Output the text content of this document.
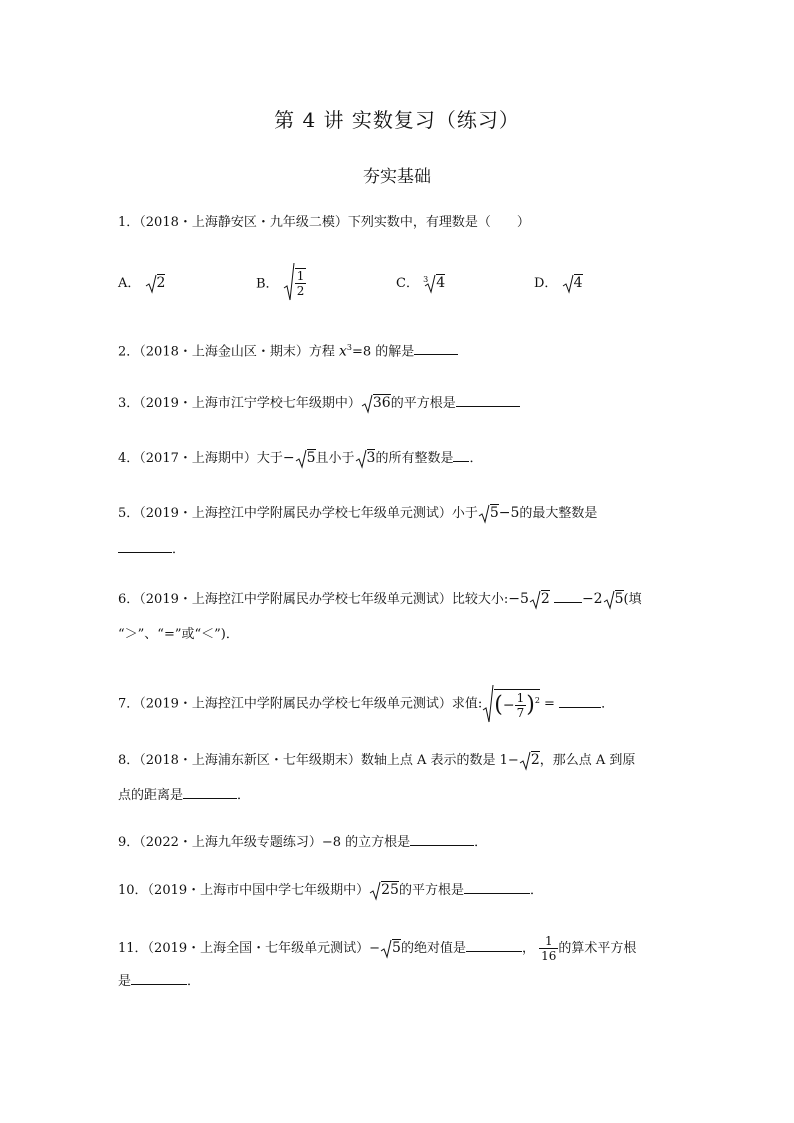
第 4 讲 实数复习（练习）
夯实基础
1．（2018・上海静安区・九年级二模）下列实数中，有理数是（　　）
A． 2	B． $\frac{1}{2}$	C． $^3$ 4	D． 4
2．（2018・上海金山区・期末）方程 $x^3=8$ 的解是
3．（2019・上海市江宁学校七年级期中） 36的平方根是
4．（2017・上海期中）大于− 5且小于 3的所有整数是 ．
5．（2019・上海控江中学附属民办学校七年级单元测试）小于 5−5的最大整数是
．
6．（2019・上海控江中学附属民办学校七年级单元测试）比较大小:−5 2 −2 5(填
“＞”、“=”或“＜”)．
7．（2019・上海控江中学附属民办学校七年级单元测试）求值: (− $\frac{1}{7} )^2$ =	．
8．（2018・上海浦东新区・七年级期末）数轴上点 A 表示的数是 1− 2，那么点 A 到原
点的距离是	．
9．（2022・上海九年级专题练习）−8 的立方根是	．
10．（2019・上海市中国中学七年级期中） 25的平方根是	．
11．（2019・上海全国・七年级单元测试）− 5的绝对值是	， $\frac{1}{16}$ 的算术平方根
是	．
